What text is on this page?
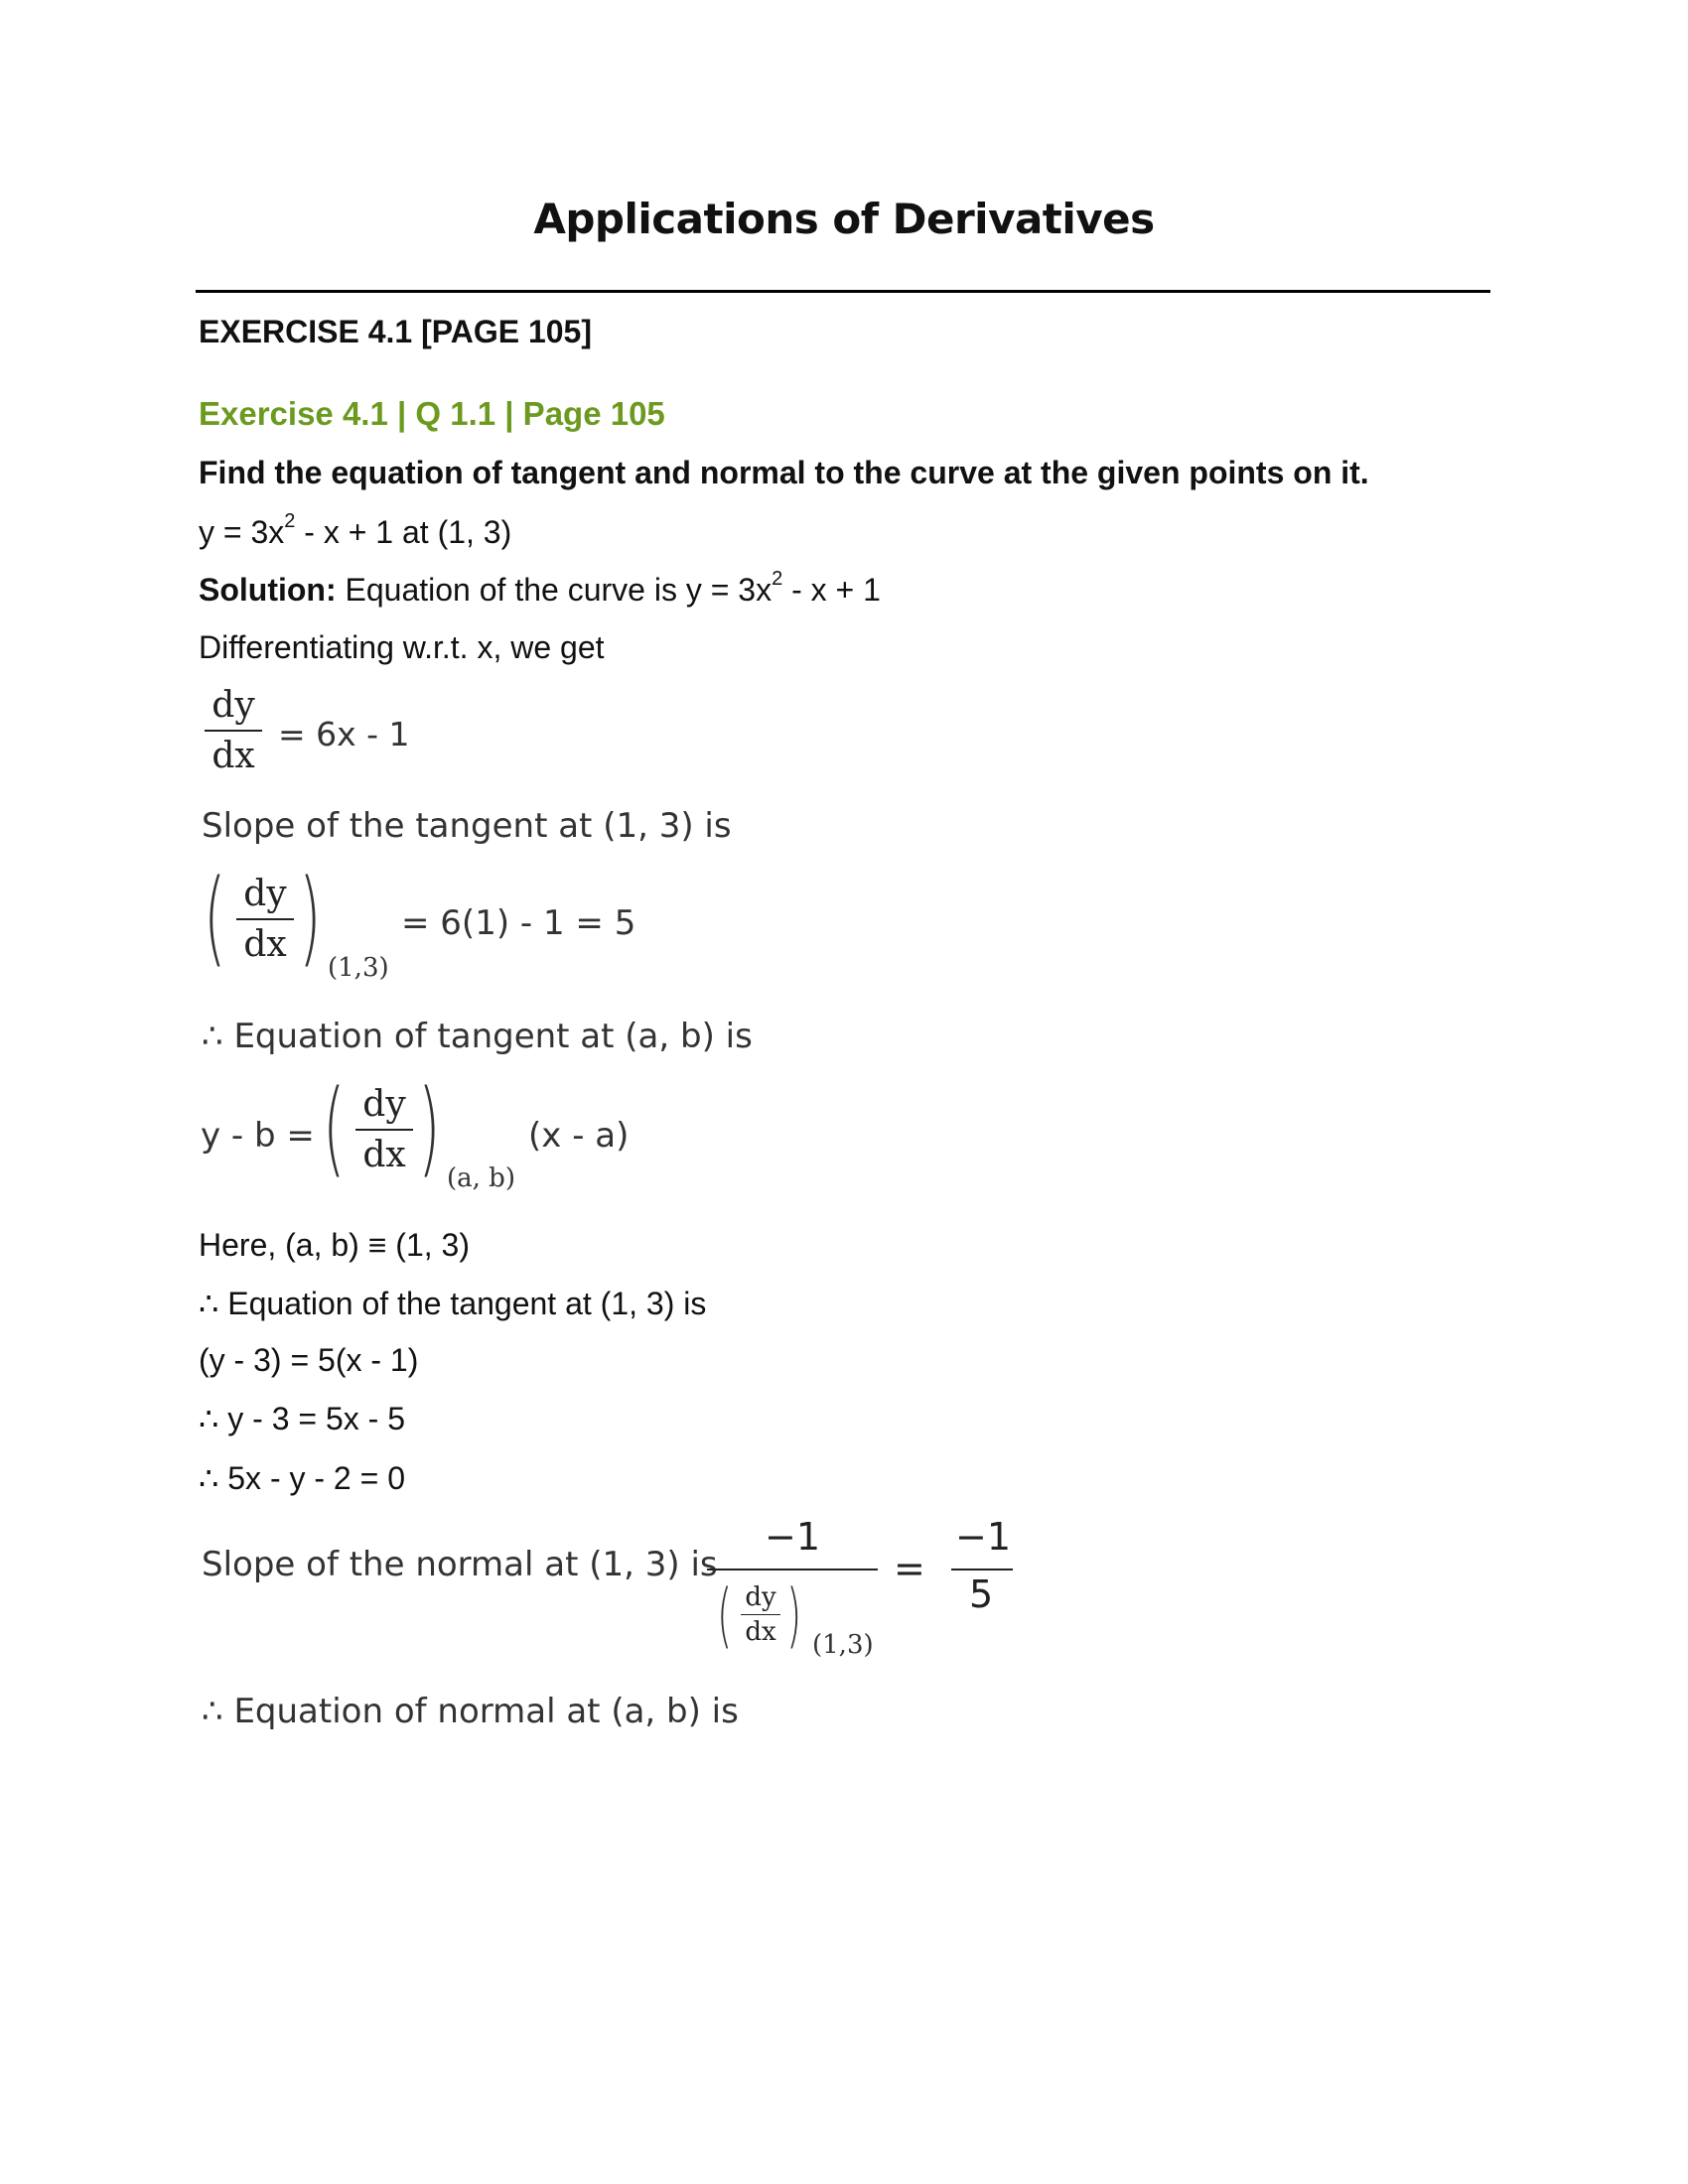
Applications of Derivatives
EXERCISE 4.1 [PAGE 105]
Exercise 4.1 | Q 1.1 | Page 105
Find the equation of tangent and normal to the curve at the given points on it.
$y = 3x^2 - x + 1$ at (1, 3)
Solution: Equation of the curve is $y = 3x^2 - x + 1$
Differentiating w.r.t. x, we get
dy
dx
= 6x - 1
Slope of the tangent at (1, 3) is
( dy
dx ) (1,3)
= 6(1) - 1 = 5
∴ Equation of tangent at (a, b) is
y - b = ( dy
dx ) (a, b)
(x - a)
Here, (a, b) ≡ (1, 3)
∴ Equation of the tangent at (1, 3) is
(y - 3) = 5(x - 1)
∴ y - 3 = 5x - 5
∴ 5x - y - 2 = 0
Slope of the normal at (1, 3) is
−1
( dy
dx ) (1,3)
=
−1
5
∴ Equation of normal at (a, b) is
